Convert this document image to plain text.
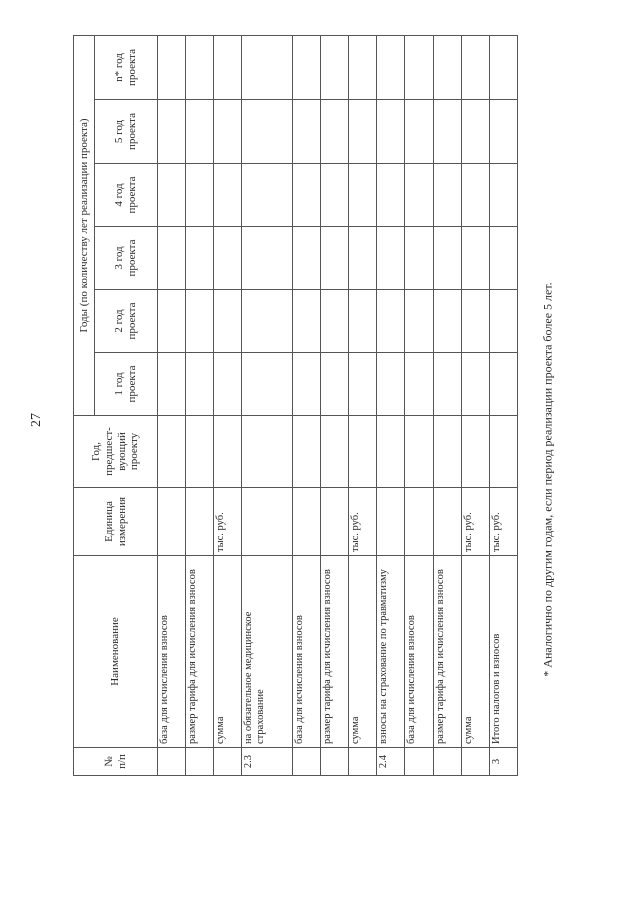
27
№ п/п	Наименование	Единица измерения	Год, предшест-вующий проекту	Годы (по количеству лет реализации проекта)					
				1 год проекта	2 год проекта	3 год проекта	4 год проекта	5 год проекта	n* год проекта
	база для исчисления взносов								
	размер тарифа для исчисления взносов								
	сумма	тыс. руб.							
2.3	на обязательное медицинское страхование								
	база для исчисления взносов								
	размер тарифа для исчисления взносов								
	сумма	тыс. руб.							
2.4	взносы на страхование по травматизму								
	база для исчисления взносов								
	размер тарифа для исчисления взносов								
	сумма	тыс. руб.							
3	Итого налогов и взносов	тыс. руб.								* Аналогично по другим годам, если период реализации проекта более 5 лет.
